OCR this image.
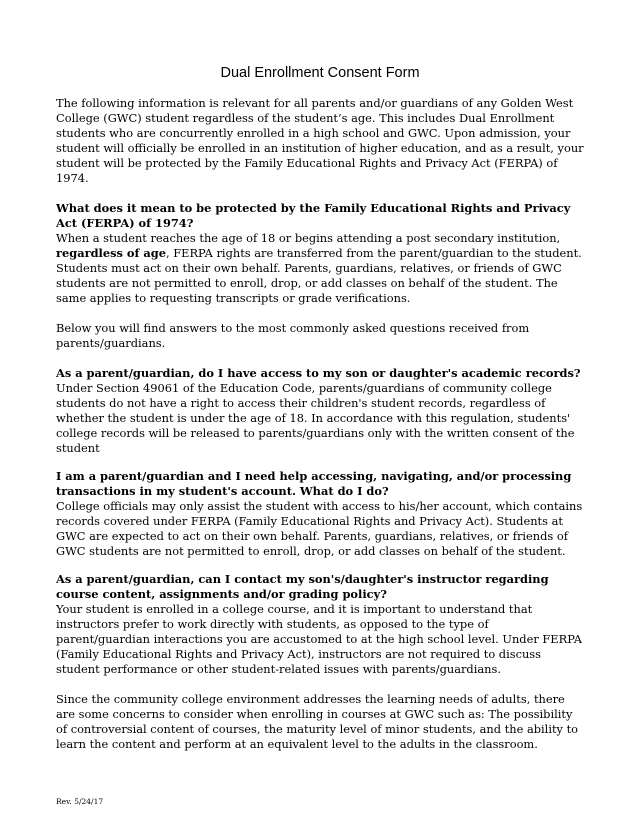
Dual Enrollment Consent Form

The following information is relevant for all parents and/or guardians of any Golden West College (GWC) student regardless of the student’s age. This includes Dual Enrollment students who are concurrently enrolled in a high school and GWC. Upon admission, your student will officially be enrolled in an institution of higher education, and as a result, your student will be protected by the Family Educational Rights and Privacy Act (FERPA) of 1974.

What does it mean to be protected by the Family Educational Rights and Privacy Act (FERPA) of 1974?

When a student reaches the age of 18 or begins attending a post secondary institution, regardless of age, FERPA rights are transferred from the parent/guardian to the student. Students must act on their own behalf. Parents, guardians, relatives, or friends of GWC students are not permitted to enroll, drop, or add classes on behalf of the student. The same applies to requesting transcripts or grade verifications.

Below you will find answers to the most commonly asked questions received from parents/guardians.

As a parent/guardian, do I have access to my son or daughter's academic records?

Under Section 49061 of the Education Code, parents/guardians of community college students do not have a right to access their children's student records, regardless of whether the student is under the age of 18. In accordance with this regulation, students' college records will be released to parents/guardians only with the written consent of the student

I am a parent/guardian and I need help accessing, navigating, and/or processing transactions in my student's account. What do I do?

College officials may only assist the student with access to his/her account, which contains records covered under FERPA (Family Educational Rights and Privacy Act). Students at GWC are expected to act on their own behalf. Parents, guardians, relatives, or friends of GWC students are not permitted to enroll, drop, or add classes on behalf of the student.

As a parent/guardian, can I contact my son's/daughter's instructor regarding course content, assignments and/or grading policy?

Your student is enrolled in a college course, and it is important to understand that instructors prefer to work directly with students, as opposed to the type of parent/guardian interactions you are accustomed to at the high school level. Under FERPA (Family Educational Rights and Privacy Act), instructors are not required to discuss student performance or other student-related issues with parents/guardians.

Since the community college environment addresses the learning needs of adults, there are some concerns to consider when enrolling in courses at GWC such as: The possibility of controversial content of courses, the maturity level of minor students, and the ability to learn the content and perform at an equivalent level to the adults in the classroom.

Rev. 5/24/17
